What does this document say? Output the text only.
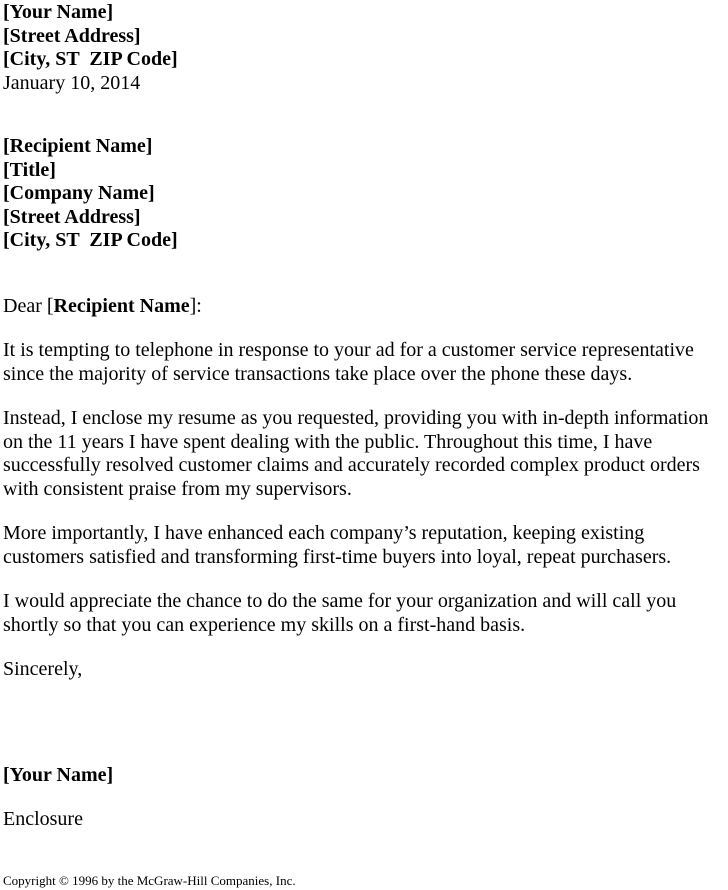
[Your Name]
[Street Address]
[City, ST  ZIP Code]
January 10, 2014
[Recipient Name]
[Title]
[Company Name]
[Street Address]
[City, ST  ZIP Code]
Dear [Recipient Name]:

It is tempting to telephone in response to your ad for a customer service representative since the majority of service transactions take place over the phone these days.

Instead, I enclose my resume as you requested, providing you with in-depth information on the 11 years I have spent dealing with the public. Throughout this time, I have successfully resolved customer claims and accurately recorded complex product orders with consistent praise from my supervisors.

More importantly, I have enhanced each company’s reputation, keeping existing customers satisfied and transforming first-time buyers into loyal, repeat purchasers.

I would appreciate the chance to do the same for your organization and will call you shortly so that you can experience my skills on a first-hand basis.

Sincerely,
[Your Name]
Enclosure
Copyright © 1996 by the McGraw-Hill Companies, Inc.
